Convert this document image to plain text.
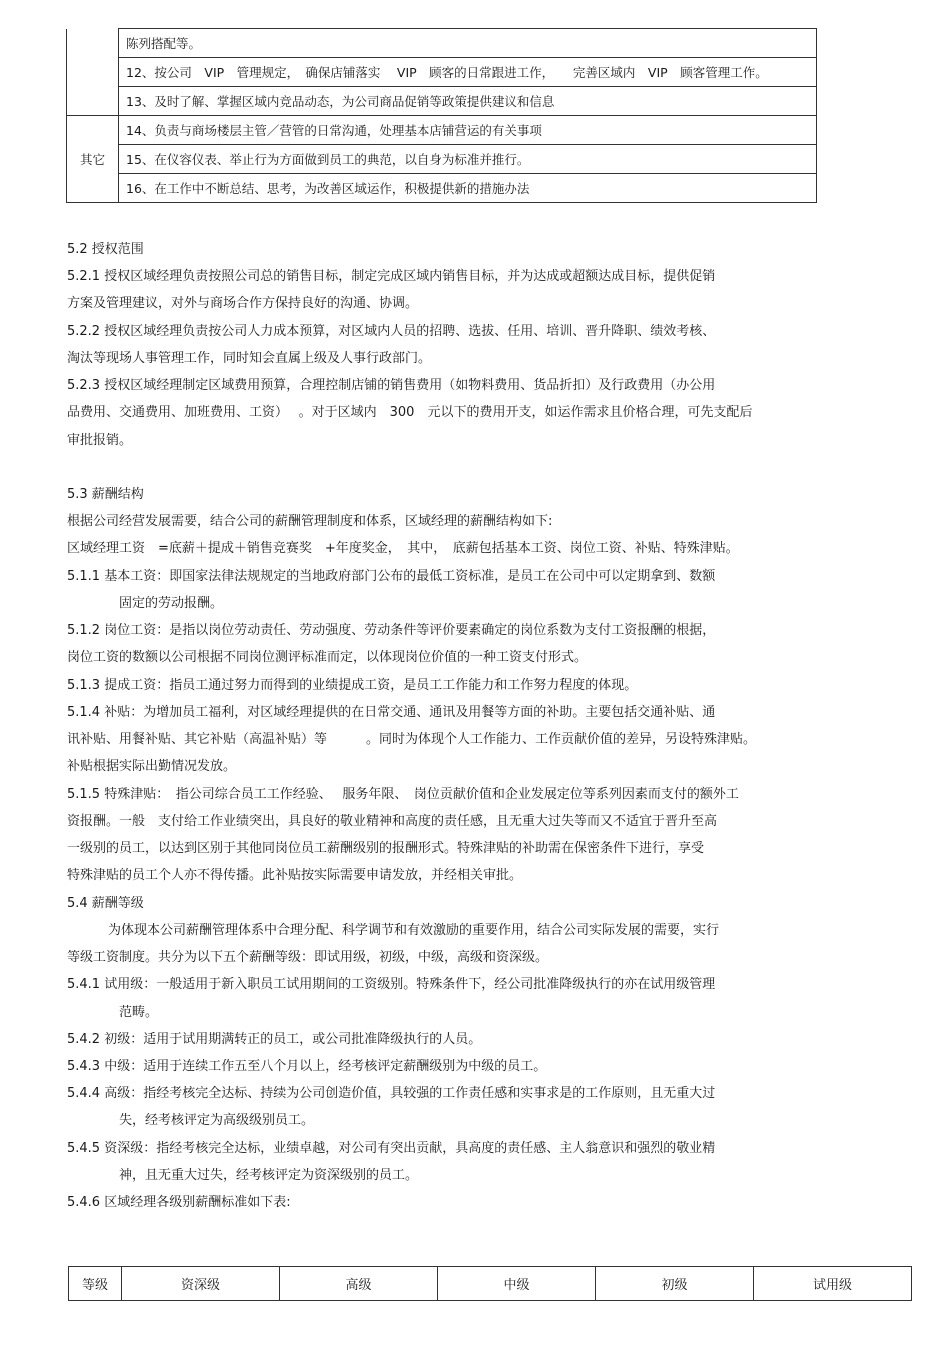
	陈列搭配等。
	12、按公司　VIP　管理规定，　确保店铺落实　 VIP　顾客的日常跟进工作，　　完善区域内　VIP　顾客管理工作。
	13、及时了解、掌握区域内竞品动态，为公司商品促销等政策提供建议和信息
其它	14、负责与商场楼层主管／营管的日常沟通，处理基本店铺营运的有关事项
	15、在仪容仪表、举止行为方面做到员工的典范，以自身为标准并推行。
	16、在工作中不断总结、思考，为改善区域运作，积极提供新的措施办法
5.2 授权范围
5.2.1 授权区域经理负责按照公司总的销售目标，制定完成区域内销售目标，并为达成或超额达成目标，提供促销
方案及管理建议，对外与商场合作方保持良好的沟通、协调。
5.2.2 授权区域经理负责按公司人力成本预算，对区域内人员的招聘、选拔、任用、培训、晋升降职、绩效考核、
淘汰等现场人事管理工作，同时知会直属上级及人事行政部门。
5.2.3 授权区域经理制定区域费用预算，合理控制店铺的销售费用（如物料费用、货品折扣）及行政费用（办公用
品费用、交通费用、加班费用、工资）　 。对于区域内　300　元以下的费用开支，如运作需求且价格合理，可先支配后
审批报销。
5.3 薪酬结构
根据公司经营发展需要，结合公司的薪酬管理制度和体系，区域经理的薪酬结构如下:
区域经理工资　=底薪＋提成＋销售竞赛奖　+年度奖金，　其中，　底薪包括基本工资、岗位工资、补贴、特殊津贴。
5.1.1 基本工资：即国家法律法规规定的当地政府部门公布的最低工资标准，是员工在公司中可以定期拿到、数额
固定的劳动报酬。
5.1.2 岗位工资：是指以岗位劳动责任、劳动强度、劳动条件等评价要素确定的岗位系数为支付工资报酬的根据，
岗位工资的数额以公司根据不同岗位测评标准而定，以体现岗位价值的一种工资支付形式。
5.1.3 提成工资：指员工通过努力而得到的业绩提成工资，是员工工作能力和工作努力程度的体现。
5.1.4 补贴：为增加员工福利，对区域经理提供的在日常交通、通讯及用餐等方面的补助。主要包括交通补贴、通
讯补贴、用餐补贴、其它补贴（高温补贴）等　　　。同时为体现个人工作能力、工作贡献价值的差异，另设特殊津贴。
补贴根据实际出勤情况发放。
5.1.5 特殊津贴：　指公司综合员工工作经验、　 服务年限、　岗位贡献价值和企业发展定位等系列因素而支付的额外工
资报酬。一般　支付给工作业绩突出，具良好的敬业精神和高度的责任感，且无重大过失等而又不适宜于晋升至高
一级别的员工，以达到区别于其他同岗位员工薪酬级别的报酬形式。特殊津贴的补助需在保密条件下进行，享受
特殊津贴的员工个人亦不得传播。此补贴按实际需要申请发放，并经相关审批。
5.4 薪酬等级
为体现本公司薪酬管理体系中合理分配、科学调节和有效激励的重要作用，结合公司实际发展的需要，实行
等级工资制度。共分为以下五个薪酬等级：即试用级，初级，中级，高级和资深级。
5.4.1 试用级：一般适用于新入职员工试用期间的工资级别。特殊条件下，经公司批准降级执行的亦在试用级管理
范畴。
5.4.2 初级：适用于试用期满转正的员工，或公司批准降级执行的人员。
5.4.3 中级：适用于连续工作五至八个月以上，经考核评定薪酬级别为中级的员工。
5.4.4 高级：指经考核完全达标、持续为公司创造价值，具较强的工作责任感和实事求是的工作原则，且无重大过
失，经考核评定为高级级别员工。
5.4.5 资深级：指经考核完全达标，业绩卓越，对公司有突出贡献，具高度的责任感、主人翁意识和强烈的敬业精
神，且无重大过失，经考核评定为资深级别的员工。
5.4.6 区域经理各级别薪酬标准如下表:
等级	资深级	高级	中级	初级	试用级
